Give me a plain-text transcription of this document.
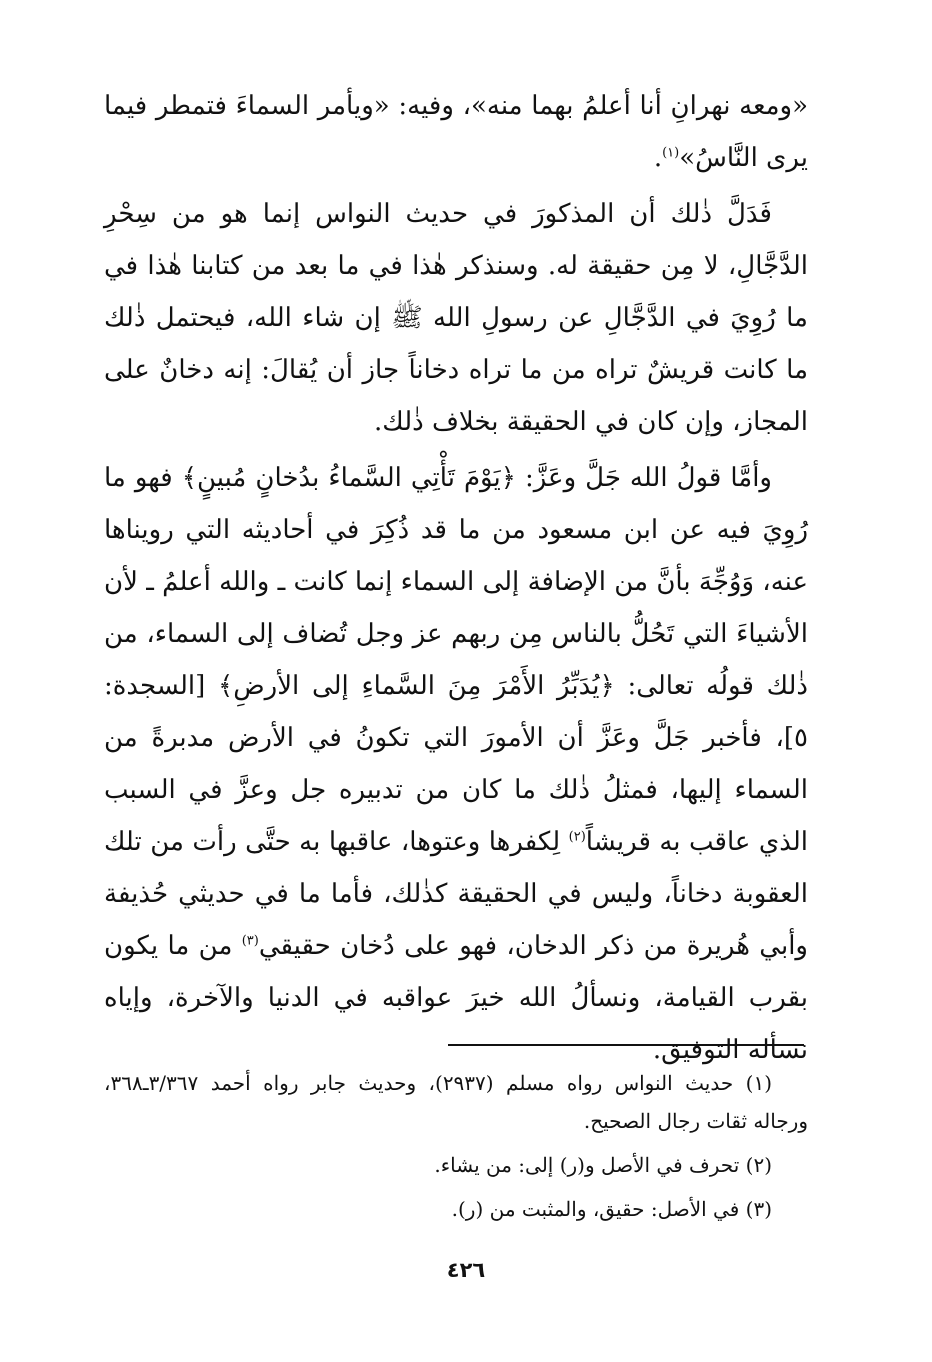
«ومعه نهرانِ أنا أعلمُ بهما منه»، وفيه: «ويأمر السماءَ فتمطر فيما يرى النَّاسُ»$^{(١)}$.

فَدَلَّ ذٰلك أن المذكورَ في حديث النواس إنما هو من سِحْرِ الدَّجَّالِ، لا مِن حقيقة له. وسنذكر هٰذا في ما بعد من كتابنا هٰذا في ما رُوِيَ في الدَّجَّالِ عن رسولِ الله ﷺ إن شاء الله، فيحتمل ذٰلك ما كانت قريشٌ تراه من ما تراه دخاناً جاز أن يُقالَ: إنه دخانٌ على المجاز، وإن كان في الحقيقة بخلاف ذٰلك.

وأمَّا قولُ الله جَلَّ وعَزَّ: ﴿يَوْمَ تَأْتِي السَّماءُ بدُخانٍ مُبينٍ﴾ فهو ما رُوِيَ فيه عن ابن مسعود من ما قد ذُكِرَ في أحاديثه التي رويناها عنه، وَوُجِّهَ بأنَّ من الإضافة إلى السماء إنما كانت ـ والله أعلمُ ـ لأن الأشياءَ التي تَحُلُّ بالناس مِن ربهم عز وجل تُضاف إلى السماء، من ذٰلك قولُه تعالى: ﴿يُدَبِّرُ الأَمْرَ مِنَ السَّماءِ إلى الأرضِ﴾ [السجدة: ٥]، فأخبر جَلَّ وعَزَّ أن الأمورَ التي تكونُ في الأرض مدبرةً من السماء إليها، فمثلُ ذٰلك ما كان من تدبيره جل وعزَّ في السبب الذي عاقب به قريشاً$^{(٢)}$ لِكفرها وعتوها، عاقبها به حتَّى رأت من تلك العقوبة دخاناً، وليس في الحقيقة كذٰلك، فأما ما في حديثي حُذيفة وأبي هُريرة من ذكر الدخان، فهو على دُخان حقيقي$^{(٣)}$ من ما يكون بقرب القيامة، ونسألُ الله خيرَ عواقبه في الدنيا والآخرة، وإياه نسأله التوفيق.

(١) حديث النواس رواه مسلم (٢٩٣٧)، وحديث جابر رواه أحمد ٣/٣٦٧ـ٣٦٨، ورجاله ثقات رجال الصحيح.

(٢) تحرف في الأصل و(ر) إلى: من يشاء.

(٣) في الأصل: حقيق، والمثبت من (ر).

٤٢٦
